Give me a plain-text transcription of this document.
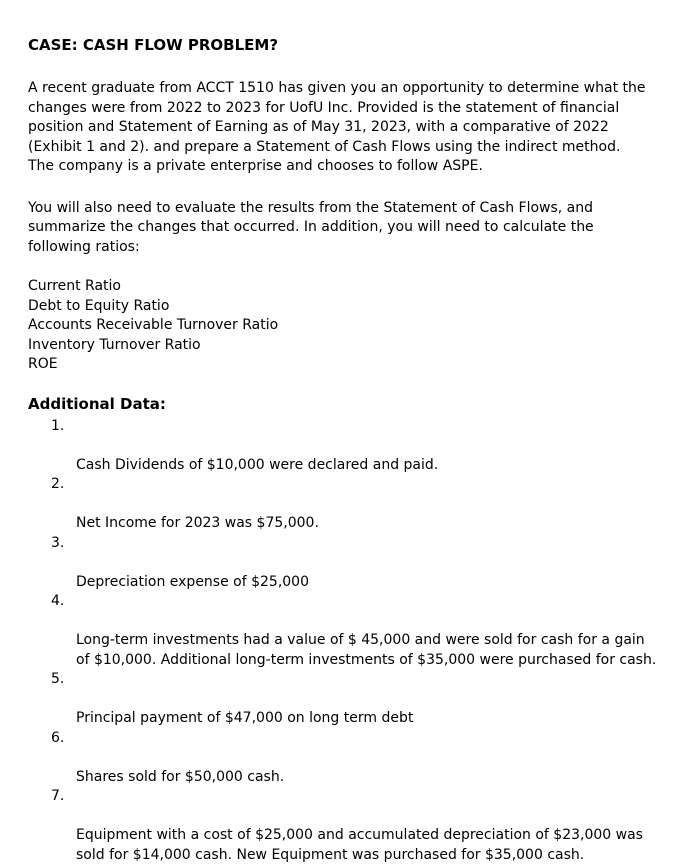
CASE: CASH FLOW PROBLEM?

A recent graduate from ACCT 1510 has given you an opportunity to determine what the
changes were from 2022 to 2023 for UofU Inc. Provided is the statement of financial
position and Statement of Earning as of May 31, 2023, with a comparative of 2022
(Exhibit 1 and 2). and prepare a Statement of Cash Flows using the indirect method.
The company is a private enterprise and chooses to follow ASPE.

You will also need to evaluate the results from the Statement of Cash Flows, and
summarize the changes that occurred. In addition, you will need to calculate the
following ratios:

Current Ratio
Debt to Equity Ratio
Accounts Receivable Turnover Ratio
Inventory Turnover Ratio
ROE
Additional Data:

1.

Cash Dividends of $10,000 were declared and paid.

2.

Net Income for 2023 was $75,000.

3.

Depreciation expense of $25,000

4.

Long-term investments had a value of $ 45,000 and were sold for cash for a gain
of $10,000. Additional long-term investments of $35,000 were purchased for cash.

5.

Principal payment of $47,000 on long term debt

6.

Shares sold for $50,000 cash.

7.

Equipment with a cost of $25,000 and accumulated depreciation of $23,000 was
sold for $14,000 cash. New Equipment was purchased for $35,000 cash.
